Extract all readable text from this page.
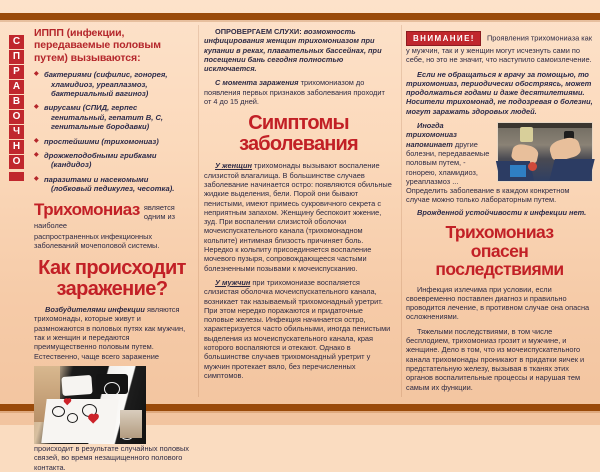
С
П
Р
А
В
О
Ч
Н
О
ИППП (инфекции, передаваемые половым путем) вызываются:
◆ бактериями (сифилис, гонорея,
хламидиоз, уреаплазмоз, бактериальный вагиноз)
◆ вирусами (СПИД, герпес
генитальный, гепатит B, C, генитальные бородавки)
◆ простейшими (трихомониаз)
◆ дрожжеподобными грибками
(кандидоз)
◆ паразитами и насекомыми
(лобковый педикулез, чесотка).
Трихомониаз является одним из наиболее
распространенных инфекционных заболеваний мочеполовой системы.
Как происходит
заражение?
Возбудителями инфекции являются трихомонады, которые живут и размножаются в половых путях как мужчин, так и женщин и передаются преимущественно половым путем. Естественно, чаще всего заражение
происходит в результате случайных половых связей, во время незащищенного полового контакта.
ОПРОВЕРГАЕМ СЛУХИ: возможность инфицирования женщин трихомониазом при купании в реках, плавательных бассейнах, при посещении бань сегодня полностью исключается.
С момента заражения трихомониазом до появления первых признаков заболевания проходит от 4 до 15 дней.
Симптомы заболевания
У женщин трихомонады вызывают воспаление слизистой влагалища. В большинстве случаев заболевание начинается остро: появляются обильные жидкие выделения, бели. Порой они бывают пенистыми, имеют примесь сукровичного секрета с неприятным запахом. Женщину беспокоит жжение, зуд. При воспалении слизистой оболочки мочеиспускательного канала (трихомонадном кольпите) интимная близость причиняет боль. Нередко к кольпиту присоединяется воспаление мочевого пузыря, сопровождающееся частыми болезненными позывами к мочеиспусканию.
У мужчин при трихомониазе воспаляется слизистая оболочка мочеиспускательного канала, возникает так называемый трихомонадный уретрит. При этом нередко поражаются и придаточные половые железы. Инфекция начинается остро, характеризуется часто обильными, иногда пенистыми выделения из мочеиспускательного канала, края которого воспаляются и отекают. Однако в большинстве случаев трихомонадный уретрит у мужчин протекает вяло, без перечисленных симптомов.
ВНИМАНИЕ! Проявления трихомониаза как у мужчин, так и у женщин могут исчезнуть сами по себе, но это не значит, что наступило самоизлечение.
Если не обращаться к врачу за помощью, то трихомониаз, периодически обостряясь, может продолжаться годами и даже десятилетиями. Носители трихомонад, не подозревая о болезни, могут заражать здоровых людей.
Иногда трихомониаз напоминает другие болезни, передаваемые половым путем, - гонорею, хламидиоз, уреаплазмоз ... Определить заболевание в каждом конкретном случае можно только лабораторным путем.
Врожденной устойчивости к инфекции нет.
Трихомониаз
опасен последствиями
Инфекция излечима при условии, если своевременно поставлен диагноз и правильно проводится лечение, в противном случае она опасна осложнениями.
Тяжелыми последствиями, в том числе бесплодием, трихомониаз грозит и мужчине, и женщине. Дело в том, что из мочеиспускательного канала трихомонады проникают в придатки яичек и предстательную железу, вызывая в тканях этих органов воспалительные процессы и нарушая тем самым их функции.
